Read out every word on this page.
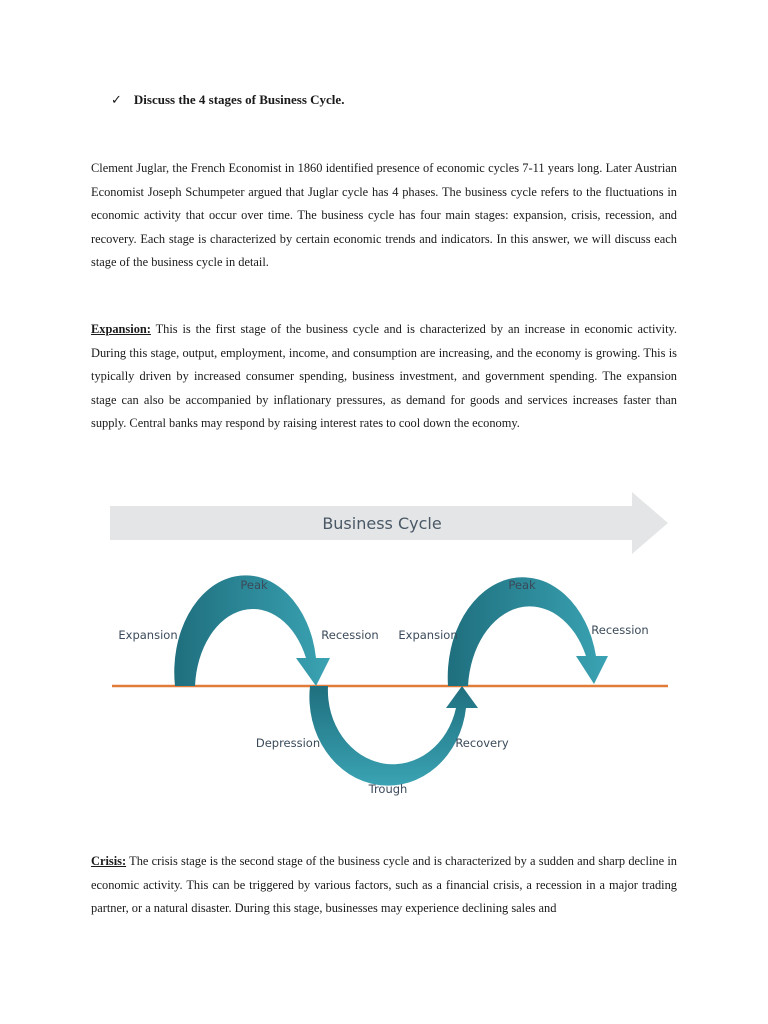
✓ Discuss the 4 stages of Business Cycle.

Clement Juglar, the French Economist in 1860 identified presence of economic cycles 7-11 years long. Later Austrian Economist Joseph Schumpeter argued that Juglar cycle has 4 phases. The business cycle refers to the fluctuations in economic activity that occur over time. The business cycle has four main stages: expansion, crisis, recession, and recovery. Each stage is characterized by certain economic trends and indicators. In this answer, we will discuss each stage of the business cycle in detail.

Expansion: This is the first stage of the business cycle and is characterized by an increase in economic activity. During this stage, output, employment, income, and consumption are increasing, and the economy is growing. This is typically driven by increased consumer spending, business investment, and government spending. The expansion stage can also be accompanied by inflationary pressures, as demand for goods and services increases faster than supply. Central banks may respond by raising interest rates to cool down the economy.

Business Cycle
Expansion
Peak
Recession Expansion
Peak
Recession
Depression	Recovery
Trough

Crisis: The crisis stage is the second stage of the business cycle and is characterized by a sudden and sharp decline in economic activity. This can be triggered by various factors, such as a financial crisis, a recession in a major trading partner, or a natural disaster. During this stage, businesses may experience declining sales and
